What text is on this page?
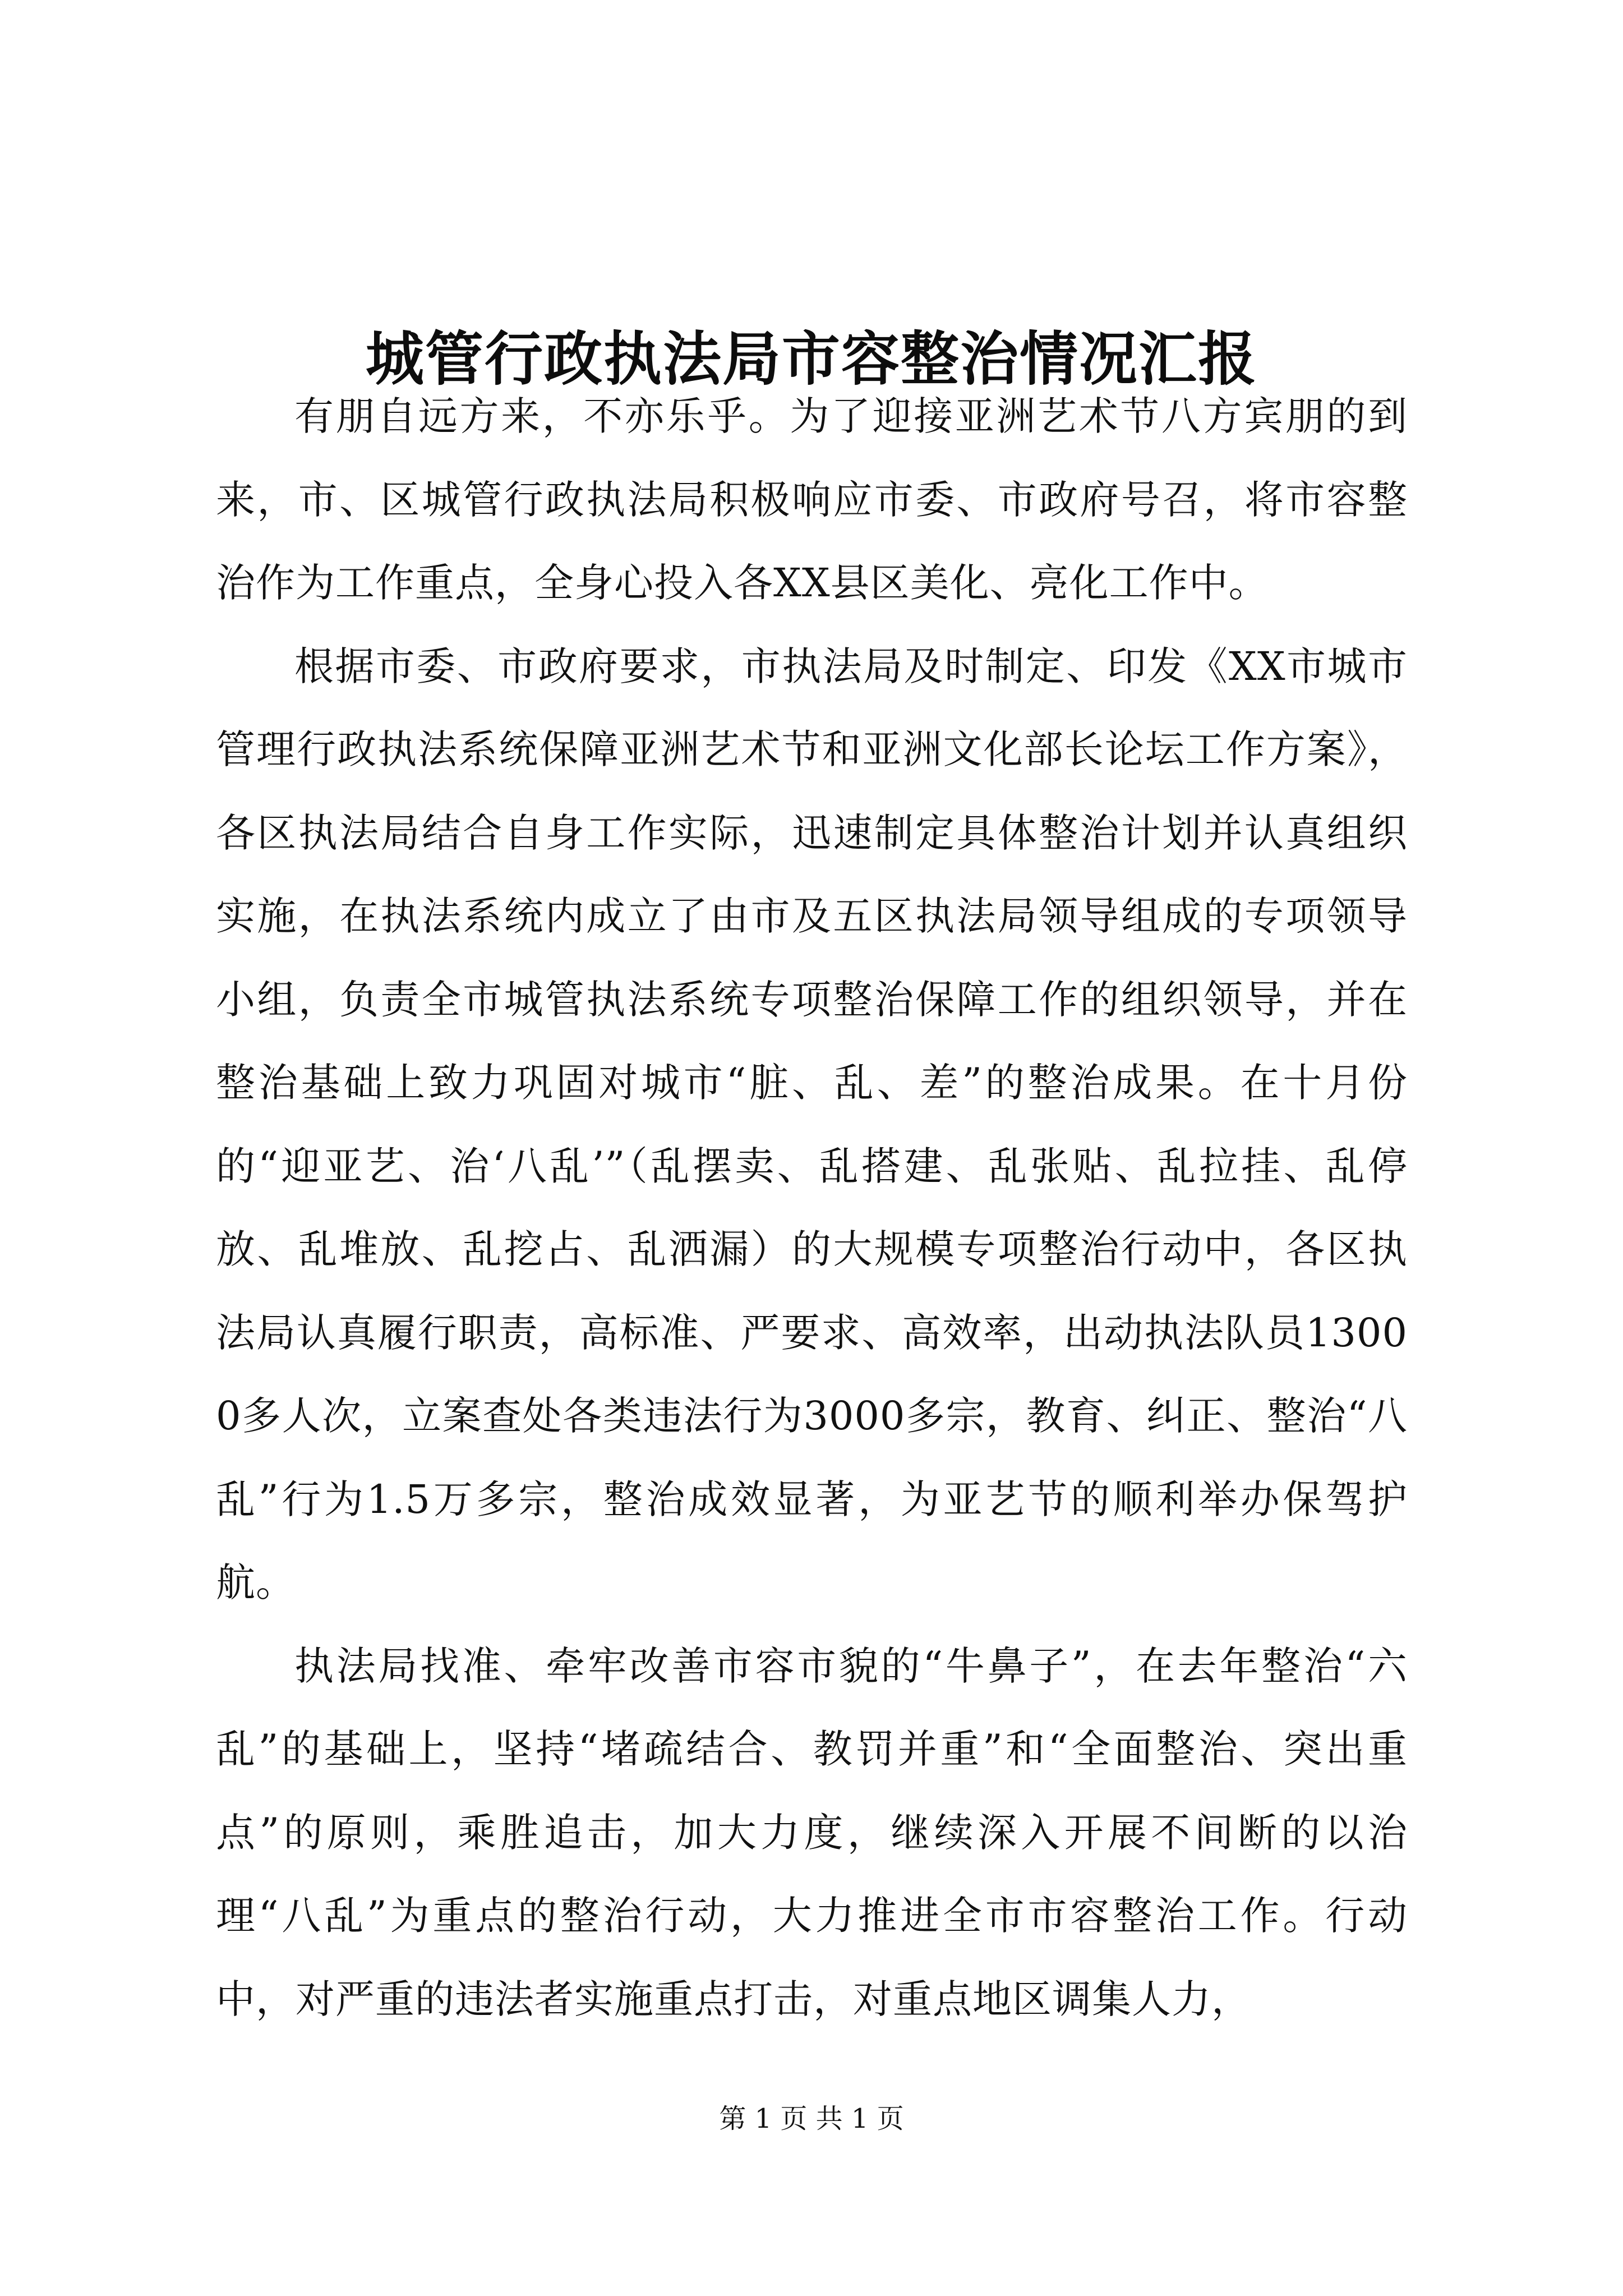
城管行政执法局市容整治情况汇报

有朋自远方来，不亦乐乎。为了迎接亚洲艺术节八方宾朋的到来，市、区城管行政执法局积极响应市委、市政府号召，将市容整治作为工作重点，全身心投入各XX县区美化、亮化工作中。

根据市委、市政府要求，市执法局及时制定、印发《XX市城市管理行政执法系统保障亚洲艺术节和亚洲文化部长论坛工作方案》，各区执法局结合自身工作实际，迅速制定具体整治计划并认真组织实施，在执法系统内成立了由市及五区执法局领导组成的专项领导小组，负责全市城管执法系统专项整治保障工作的组织领导，并在整治基础上致力巩固对城市“脏、乱、差”的整治成果。在十月份的“迎亚艺、治‘八乱’”（乱摆卖、乱搭建、乱张贴、乱拉挂、乱停放、乱堆放、乱挖占、乱洒漏）的大规模专项整治行动中，各区执法局认真履行职责，高标准、严要求、高效率，出动执法队员13000多人次，立案查处各类违法行为3000多宗，教育、纠正、整治“八乱”行为1.5万多宗，整治成效显著，为亚艺节的顺利举办保驾护航。

执法局找准、牵牢改善市容市貌的“牛鼻子”，在去年整治“六乱”的基础上，坚持“堵疏结合、教罚并重”和“全面整治、突出重点”的原则，乘胜追击，加大力度，继续深入开展不间断的以治理“八乱”为重点的整治行动，大力推进全市市容整治工作。行动中，对严重的违法者实施重点打击，对重点地区调集人力，

第 1 页 共 1 页
